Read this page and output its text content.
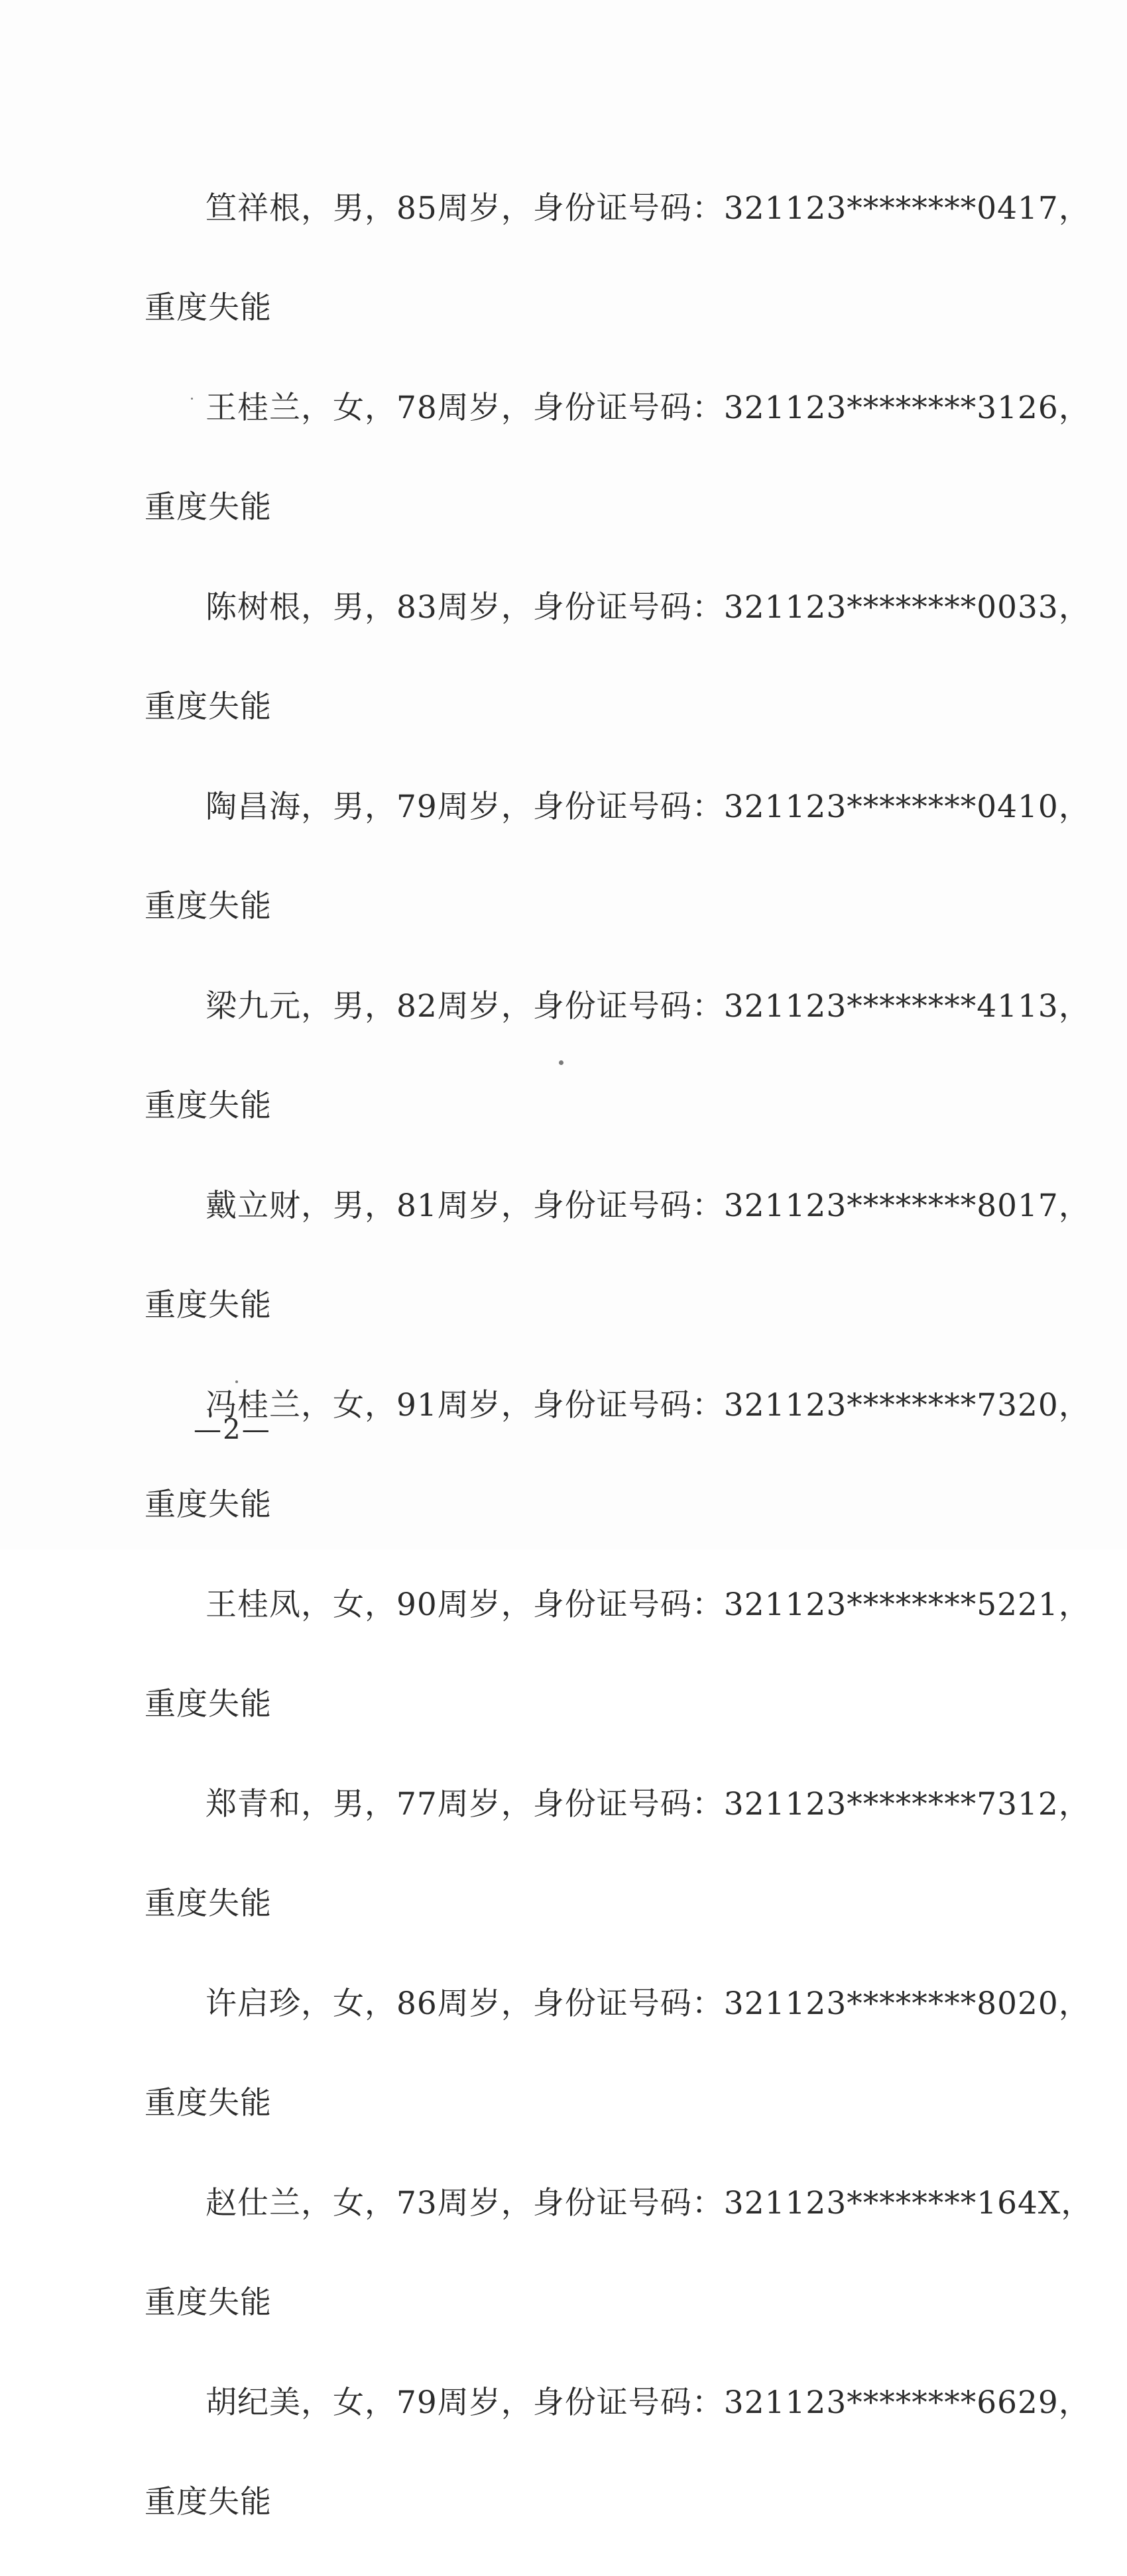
笪祥根，男，85周岁，身份证号码：321123********0417，
重度失能
王桂兰，女，78周岁，身份证号码：321123********3126，
重度失能
陈树根，男，83周岁，身份证号码：321123********0033，
重度失能
陶昌海，男，79周岁，身份证号码：321123********0410，
重度失能
梁九元，男，82周岁，身份证号码：321123********4113，
重度失能
戴立财，男，81周岁，身份证号码：321123********8017，
重度失能
冯桂兰，女，91周岁，身份证号码：321123********7320，
重度失能
王桂凤，女，90周岁，身份证号码：321123********5221，
重度失能
郑青和，男，77周岁，身份证号码：321123********7312，
重度失能
许启珍，女，86周岁，身份证号码：321123********8020，
重度失能
赵仕兰，女，73周岁，身份证号码：321123********164X，
重度失能
胡纪美，女，79周岁，身份证号码：321123********6629，
重度失能
—2—
